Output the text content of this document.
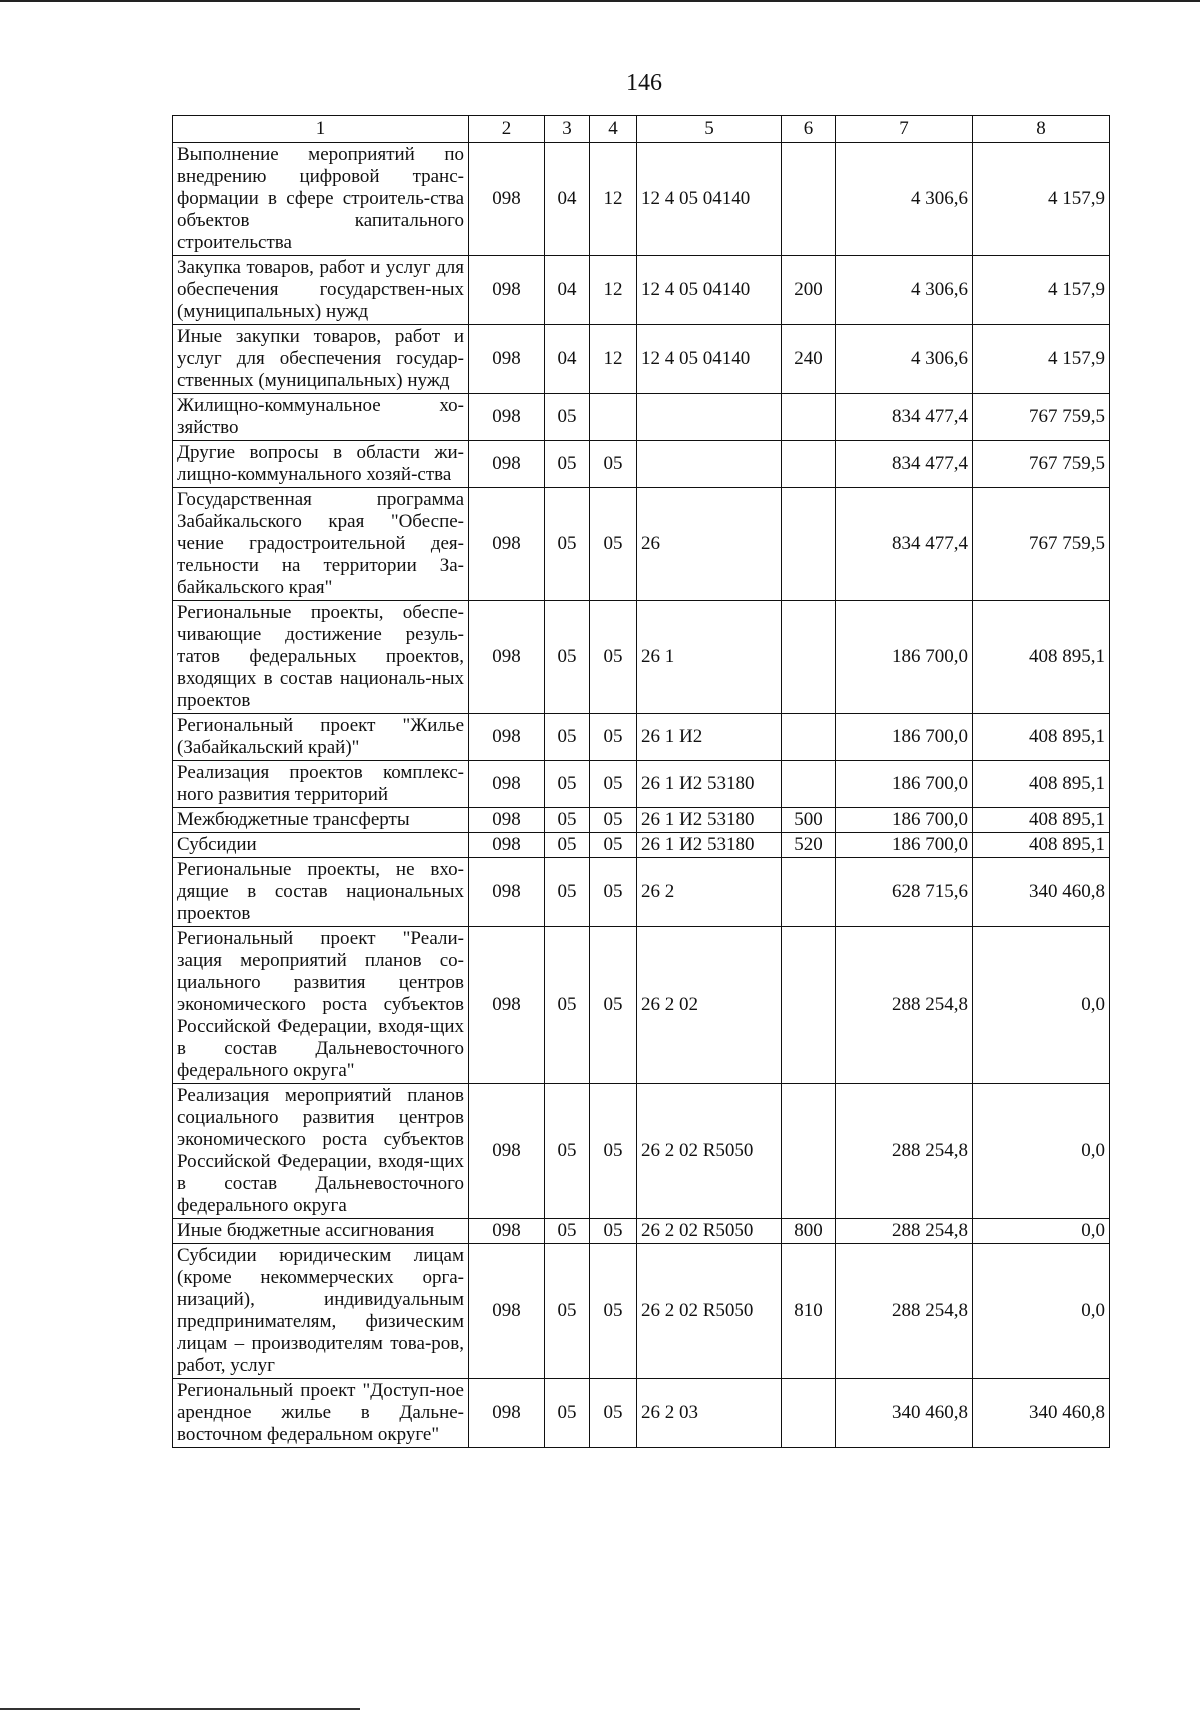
146
1	2	3	4	5	6	7	8
Выполнение мероприятий по внедрению цифровой транс-формации в сфере строитель-ства объектов капитального строительства	098	04	12	12 4 05 04140		4 306,6	4 157,9
Закупка товаров, работ и услуг для обеспечения государствен-ных (муниципальных) нужд	098	04	12	12 4 05 04140	200	4 306,6	4 157,9
Иные закупки товаров, работ и услуг для обеспечения государ-ственных (муниципальных) нужд	098	04	12	12 4 05 04140	240	4 306,6	4 157,9
Жилищно-коммунальное хо-зяйство	098	05				834 477,4	767 759,5
Другие вопросы в области жи-лищно-коммунального хозяй-ства	098	05	05			834 477,4	767 759,5
Государственная программа Забайкальского края "Обеспе-чение градостроительной дея-тельности на территории За-байкальского края"	098	05	05	26		834 477,4	767 759,5
Региональные проекты, обеспе-чивающие достижение резуль-татов федеральных проектов, входящих в состав националь-ных проектов	098	05	05	26 1		186 700,0	408 895,1
Региональный проект "Жилье (Забайкальский край)"	098	05	05	26 1 И2		186 700,0	408 895,1
Реализация проектов комплекс-ного развития территорий	098	05	05	26 1 И2 53180		186 700,0	408 895,1
Межбюджетные трансферты	098	05	05	26 1 И2 53180	500	186 700,0	408 895,1
Субсидии	098	05	05	26 1 И2 53180	520	186 700,0	408 895,1
Региональные проекты, не вхо-дящие в состав национальных проектов	098	05	05	26 2		628 715,6	340 460,8
Региональный проект "Реали-зация мероприятий планов со-циального развития центров экономического роста субъектов Российской Федерации, входя-щих в состав Дальневосточного федерального округа"	098	05	05	26 2 02		288 254,8	0,0
Реализация мероприятий планов социального развития центров экономического роста субъектов Российской Федерации, входя-щих в состав Дальневосточного федерального округа	098	05	05	26 2 02 R5050		288 254,8	0,0
Иные бюджетные ассигнования	098	05	05	26 2 02 R5050	800	288 254,8	0,0
Субсидии юридическим лицам (кроме некоммерческих орга-низаций), индивидуальным предпринимателям, физическим лицам – производителям това-ров, работ, услуг	098	05	05	26 2 02 R5050	810	288 254,8	0,0
Региональный проект "Доступ-ное арендное жилье в Дальне-восточном федеральном округе"	098	05	05	26 2 03		340 460,8	340 460,8
